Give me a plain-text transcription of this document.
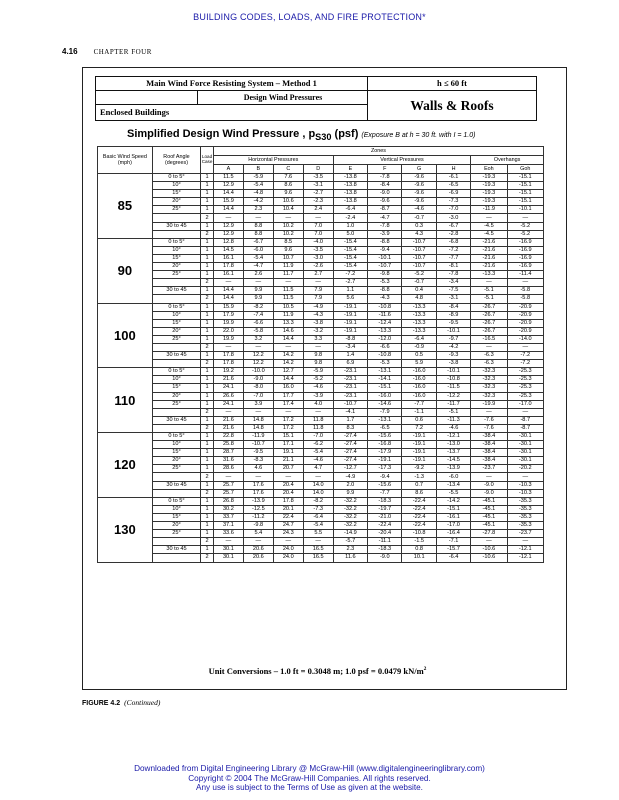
BUILDING CODES, LOADS, AND FIRE PROTECTION*
4.16 CHAPTER FOUR
Main Wind Force Resisting System – Method 1
Design Wind Pressures
Enclosed Buildings
h ≤ 60 ft
Walls & Roofs
Simplified Design Wind Pressure , $p_{S30}$ (psf) (Exposure B at h = 30 ft. with I = 1.0)
Basic Wind Speed (mph)	Roof Angle (degrees)	Load Case	Zones									
			Horizontal Pressures				Vertical Pressures				Overhangs	
			A	B	C	D	E	F	G	H	Eoh	Goh
85	0 to 5°	1	11.5	-5.9	7.6	-3.5	-13.8	-7.8	-9.6	-6.1	-19.3	-15.1
	10°	1	12.9	-5.4	8.6	-3.1	-13.8	-8.4	-9.6	-6.5	-19.3	-15.1
	15°	1	14.4	-4.8	9.6	-2.7	-13.8	-9.0	-9.6	-6.9	-19.3	-15.1
	20°	1	15.9	-4.2	10.6	-2.3	-13.8	-9.6	-9.6	-7.3	-19.3	-15.1
	25°	1	14.4	2.3	10.4	2.4	-6.4	-8.7	-4.6	-7.0	-11.9	-10.1
		2	—	—	—	—	-2.4	-4.7	-0.7	-3.0	—	—
	30 to 45	1	12.9	8.8	10.2	7.0	1.0	-7.8	0.3	-6.7	-4.5	-5.2
		2	12.9	8.8	10.2	7.0	5.0	-3.9	4.3	-2.8	-4.5	-5.2
90	0 to 5°	1	12.8	-6.7	8.5	-4.0	-15.4	-8.8	-10.7	-6.8	-21.6	-16.9
	10°	1	14.5	-6.0	9.6	-3.5	-15.4	-9.4	-10.7	-7.2	-21.6	-16.9
	15°	1	16.1	-5.4	10.7	-3.0	-15.4	-10.1	-10.7	-7.7	-21.6	-16.9
	20°	1	17.8	-4.7	11.9	-2.6	-15.4	-10.7	-10.7	-8.1	-21.6	-16.9
	25°	1	16.1	2.6	11.7	2.7	-7.2	-9.8	-5.2	-7.8	-13.3	-11.4
		2	—	—	—	—	-2.7	-5.3	-0.7	-3.4	—	—
	30 to 45	1	14.4	9.9	11.5	7.9	1.1	-8.8	0.4	-7.5	-5.1	-5.8
		2	14.4	9.9	11.5	7.9	5.6	-4.3	4.8	-3.1	-5.1	-5.8
100	0 to 5°	1	15.9	-8.2	10.5	-4.9	-19.1	-10.8	-13.3	-8.4	-26.7	-20.9
	10°	1	17.9	-7.4	11.9	-4.3	-19.1	-11.6	-13.3	-8.9	-26.7	-20.9
	15°	1	19.9	-6.6	13.3	-3.8	-19.1	-12.4	-13.3	-9.5	-26.7	-20.9
	20°	1	22.0	-5.8	14.6	-3.2	-19.1	-13.3	-13.3	-10.1	-26.7	-20.9
	25°	1	19.9	3.2	14.4	3.3	-8.8	-12.0	-6.4	-9.7	-16.5	-14.0
		2	—	—	—	—	-3.4	-6.6	-0.9	-4.2	—	—
	30 to 45	1	17.8	12.2	14.2	9.8	1.4	-10.8	0.5	-9.3	-6.3	-7.2
		2	17.8	12.2	14.2	9.8	6.9	-5.3	5.9	-3.8	-6.3	-7.2
110	0 to 5°	1	19.2	-10.0	12.7	-5.9	-23.1	-13.1	-16.0	-10.1	-32.3	-25.3
	10°	1	21.6	-9.0	14.4	-5.2	-23.1	-14.1	-16.0	-10.8	-32.3	-25.3
	15°	1	24.1	-8.0	16.0	-4.6	-23.1	-15.1	-16.0	-11.5	-32.3	-25.3
	20°	1	26.6	-7.0	17.7	-3.9	-23.1	-16.0	-16.0	-12.2	-32.3	-25.3
	25°	1	24.1	3.9	17.4	4.0	-10.7	-14.6	-7.7	-11.7	-19.9	-17.0
		2	—	—	—	—	-4.1	-7.9	-1.1	-5.1	—	—
	30 to 45	1	21.6	14.8	17.2	11.8	1.7	-13.1	0.6	-11.3	-7.6	-8.7
		2	21.6	14.8	17.2	11.8	8.3	-6.5	7.2	-4.6	-7.6	-8.7
120	0 to 5°	1	22.8	-11.9	15.1	-7.0	-27.4	-15.6	-19.1	-12.1	-38.4	-30.1
	10°	1	25.8	-10.7	17.1	-6.2	-27.4	-16.8	-19.1	-13.0	-38.4	-30.1
	15°	1	28.7	-9.5	19.1	-5.4	-27.4	-17.9	-19.1	-13.7	-38.4	-30.1
	20°	1	31.6	-8.3	21.1	-4.6	-27.4	-19.1	-19.1	-14.5	-38.4	-30.1
	25°	1	28.6	4.6	20.7	4.7	-12.7	-17.3	-9.2	-13.9	-23.7	-20.2
		2	—	—	—	—	-4.9	-9.4	-1.3	-6.0	—	—
	30 to 45	1	25.7	17.6	20.4	14.0	2.0	-15.6	0.7	-13.4	-9.0	-10.3
		2	25.7	17.6	20.4	14.0	9.9	-7.7	8.6	-5.5	-9.0	-10.3
130	0 to 5°	1	26.8	-13.9	17.8	-8.2	-32.2	-18.3	-22.4	-14.2	-45.1	-35.3
	10°	1	30.2	-12.5	20.1	-7.3	-32.2	-19.7	-22.4	-15.1	-45.1	-35.3
	15°	1	33.7	-11.2	22.4	-6.4	-32.2	-21.0	-22.4	-16.1	-45.1	-35.3
	20°	1	37.1	-9.8	24.7	-5.4	-32.2	-22.4	-22.4	-17.0	-45.1	-35.3
	25°	1	33.6	5.4	24.3	5.5	-14.9	-20.4	-10.8	-16.4	-27.8	-23.7
		2	—	—	—	—	-5.7	-11.1	-1.5	-7.1	—	—
	30 to 45	1	30.1	20.6	24.0	16.5	2.3	-18.3	0.8	-15.7	-10.6	-12.1
		2	30.1	20.6	24.0	16.5	11.6	-9.0	10.1	-6.4	-10.6	-12.1
Unit Conversions – 1.0 ft = 0.3048 m; 1.0 psf = 0.0479 $kN/m^2$
FIGURE 4.2 (Continued)
Downloaded from Digital Engineering Library @ McGraw-Hill (www.digitalengineeringlibrary.com)
Copyright © 2004 The McGraw-Hill Companies. All rights reserved.
Any use is subject to the Terms of Use as given at the website.
